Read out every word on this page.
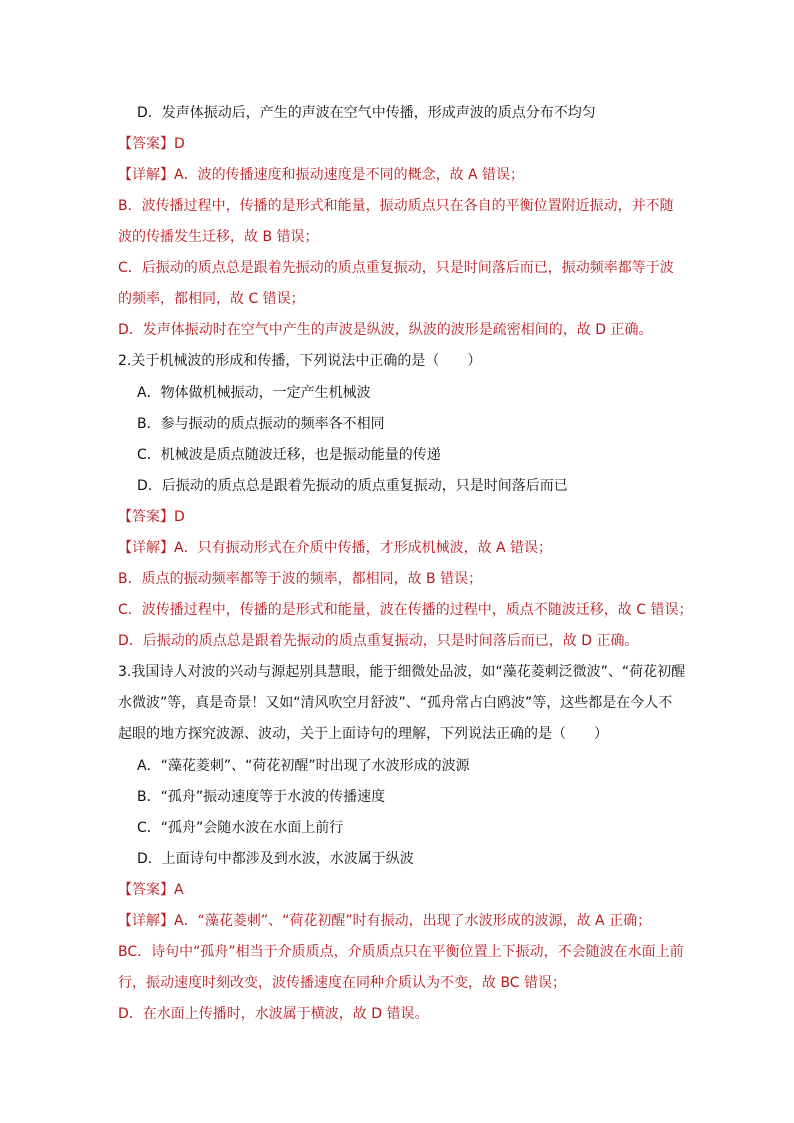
D．发声体振动后，产生的声波在空气中传播，形成声波的质点分布不均匀
【答案】D
【详解】A．波的传播速度和振动速度是不同的概念，故 A 错误；
B．波传播过程中，传播的是形式和能量，振动质点只在各自的平衡位置附近振动，并不随
波的传播发生迁移，故 B 错误；
C．后振动的质点总是跟着先振动的质点重复振动，只是时间落后而已，振动频率都等于波
的频率，都相同，故 C 错误；
D．发声体振动时在空气中产生的声波是纵波，纵波的波形是疏密相间的，故 D 正确。
2.关于机械波的形成和传播，下列说法中正确的是（　　）
A．物体做机械振动，一定产生机械波
B．参与振动的质点振动的频率各不相同
C．机械波是质点随波迁移，也是振动能量的传递
D．后振动的质点总是跟着先振动的质点重复振动，只是时间落后而已
【答案】D
【详解】A．只有振动形式在介质中传播，才形成机械波，故 A 错误；
B．质点的振动频率都等于波的频率，都相同，故 B 错误；
C．波传播过程中，传播的是形式和能量，波在传播的过程中，质点不随波迁移，故 C 错误；
D．后振动的质点总是跟着先振动的质点重复振动，只是时间落后而已，故 D 正确。
3.我国诗人对波的兴动与源起别具慧眼，能于细微处品波，如“藻花菱刺泛微波”、“荷花初醒
水微波”等，真是奇景！又如“清风吹空月舒波”、“孤舟常占白鸥波”等，这些都是在今人不
起眼的地方探究波源、波动，关于上面诗句的理解，下列说法正确的是（　　）
A．“藻花菱刺”、“荷花初醒”时出现了水波形成的波源
B．“孤舟”振动速度等于水波的传播速度
C．“孤舟”会随水波在水面上前行
D．上面诗句中都涉及到水波，水波属于纵波
【答案】A
【详解】A．“藻花菱刺”、“荷花初醒”时有振动，出现了水波形成的波源，故 A 正确；
BC．诗句中“孤舟”相当于介质质点，介质质点只在平衡位置上下振动，不会随波在水面上前
行，振动速度时刻改变，波传播速度在同种介质认为不变，故 BC 错误；
D．在水面上传播时，水波属于横波，故 D 错误。
